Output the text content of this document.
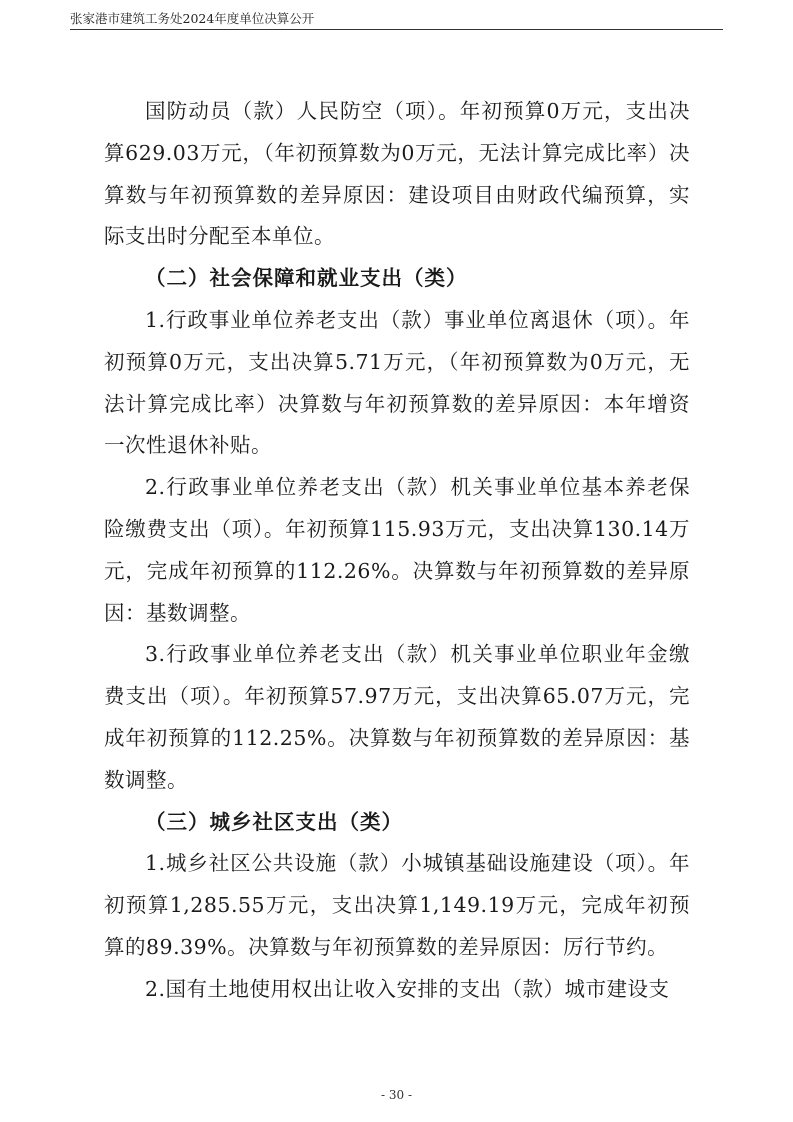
张家港市建筑工务处2024年度单位决算公开

国防动员（款）人民防空（项）。年初预算0万元，支出决算629.03万元，（年初预算数为0万元，无法计算完成比率）决算数与年初预算数的差异原因：建设项目由财政代编预算，实际支出时分配至本单位。

（二）社会保障和就业支出（类）

1.行政事业单位养老支出（款）事业单位离退休（项）。年初预算0万元，支出决算5.71万元，（年初预算数为0万元，无法计算完成比率）决算数与年初预算数的差异原因：本年增资一次性退休补贴。

2.行政事业单位养老支出（款）机关事业单位基本养老保险缴费支出（项）。年初预算115.93万元，支出决算130.14万元，完成年初预算的112.26%。决算数与年初预算数的差异原因：基数调整。

3.行政事业单位养老支出（款）机关事业单位职业年金缴费支出（项）。年初预算57.97万元，支出决算65.07万元，完成年初预算的112.25%。决算数与年初预算数的差异原因：基数调整。

（三）城乡社区支出（类）

1.城乡社区公共设施（款）小城镇基础设施建设（项）。年初预算1,285.55万元，支出决算1,149.19万元，完成年初预算的89.39%。决算数与年初预算数的差异原因：厉行节约。

2.国有土地使用权出让收入安排的支出（款）城市建设支

- 30 -
